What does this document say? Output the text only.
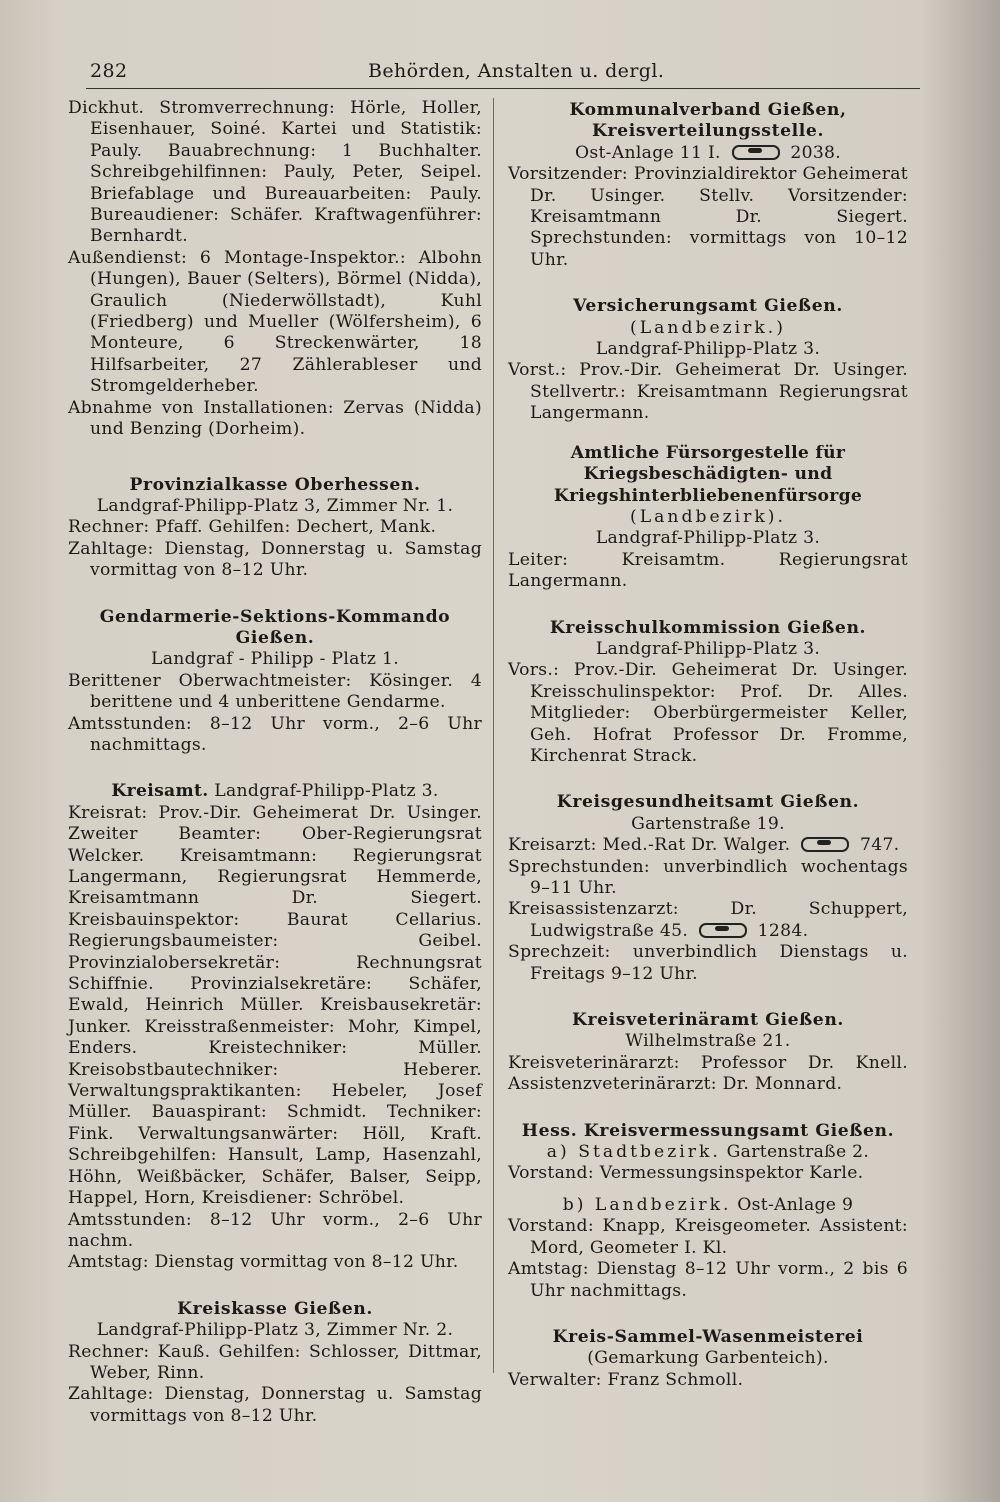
282	Behörden, Anstalten u. dergl.
Dickhut. Stromverrechnung: Hörle, Holler, Eisenhauer, Soiné. Kartei und Statistik: Pauly. Bauabrechnung: 1 Buchhalter. Schreibgehilfinnen: Pauly, Peter, Seipel. Briefablage und Bureauarbeiten: Pauly. Bureaudiener: Schäfer. Kraftwagenführer: Bernhardt.
Außendienst: 6 Montage-Inspektor.: Albohn (Hungen), Bauer (Selters), Börmel (Nidda), Graulich (Niederwöllstadt), Kuhl (Friedberg) und Mueller (Wölfersheim), 6 Monteure, 6 Streckenwärter, 18 Hilfsarbeiter, 27 Zählerableser und Stromgelderheber.
Abnahme von Installationen: Zervas (Nidda) und Benzing (Dorheim).
Provinzialkasse Oberhessen.
Landgraf-Philipp-Platz 3, Zimmer Nr. 1.
Rechner: Pfaff. Gehilfen: Dechert, Mank.
Zahltage: Dienstag, Donnerstag u. Samstag vormittag von 8–12 Uhr.
Gendarmerie-Sektions-Kommando Gießen.
Landgraf - Philipp - Platz 1.
Berittener Oberwachtmeister: Kösinger. 4 berittene und 4 unberittene Gendarme.
Amtsstunden: 8–12 Uhr vorm., 2–6 Uhr nachmittags.
Kreisamt. Landgraf-Philipp-Platz 3.
Kreisrat: Prov.-Dir. Geheimerat Dr. Usinger. Zweiter Beamter: Ober-Regierungsrat Welcker. Kreisamtmann: Regierungsrat Langermann, Regierungsrat Hemmerde, Kreisamtmann Dr. Siegert. Kreisbauinspektor: Baurat Cellarius. Regierungsbaumeister: Geibel. Provinzialobersekretär: Rechnungsrat Schiffnie. Provinzialsekretäre: Schäfer, Ewald, Heinrich Müller. Kreisbausekretär: Junker. Kreisstraßenmeister: Mohr, Kimpel, Enders. Kreistechniker: Müller. Kreisobstbautechniker: Heberer. Verwaltungspraktikanten: Hebeler, Josef Müller. Bauaspirant: Schmidt. Techniker: Fink. Verwaltungsanwärter: Höll, Kraft. Schreibgehilfen: Hansult, Lamp, Hasenzahl, Höhn, Weißbäcker, Schäfer, Balser, Seipp, Happel, Horn, Kreisdiener: Schröbel.
Amtsstunden: 8–12 Uhr vorm., 2–6 Uhr nachm.
Amtstag: Dienstag vormittag von 8–12 Uhr.
Kreiskasse Gießen.
Landgraf-Philipp-Platz 3, Zimmer Nr. 2.
Rechner: Kauß. Gehilfen: Schlosser, Dittmar, Weber, Rinn.
Zahltage: Dienstag, Donnerstag u. Samstag vormittags von 8–12 Uhr.
Kommunalverband Gießen, Kreisverteilungsstelle.
Ost-Anlage 11 I.	2038.
Vorsitzender: Provinzialdirektor Geheimerat Dr. Usinger. Stellv. Vorsitzender: Kreisamtmann Dr. Siegert. Sprechstunden: vormittags von 10–12 Uhr.
Versicherungsamt Gießen.
(Landbezirk.)
Landgraf-Philipp-Platz 3.
Vorst.: Prov.-Dir. Geheimerat Dr. Usinger. Stellvertr.: Kreisamtmann Regierungsrat Langermann.
Amtliche Fürsorgestelle für Kriegsbeschädigten- und Kriegshinterbliebenenfürsorge (Landbezirk).
Landgraf-Philipp-Platz 3.
Leiter: Kreisamtm. Regierungsrat Langermann.
Kreisschulkommission Gießen.
Landgraf-Philipp-Platz 3.
Vors.: Prov.-Dir. Geheimerat Dr. Usinger. Kreisschulinspektor: Prof. Dr. Alles. Mitglieder: Oberbürgermeister Keller, Geh. Hofrat Professor Dr. Fromme, Kirchenrat Strack.
Kreisgesundheitsamt Gießen.
Gartenstraße 19.
Kreisarzt: Med.-Rat Dr. Walger.	747.
Sprechstunden: unverbindlich wochentags 9–11 Uhr.
Kreisassistenzarzt: Dr. Schuppert, Ludwigstraße 45.	1284.
Sprechzeit: unverbindlich Dienstags u. Freitags 9–12 Uhr.
Kreisveterinäramt Gießen.
Wilhelmstraße 21.
Kreisveterinärarzt: Professor Dr. Knell. Assistenzveterinärarzt: Dr. Monnard.
Hess. Kreisvermessungsamt Gießen.
a) Stadtbezirk. Gartenstraße 2.
Vorstand: Vermessungsinspektor Karle.
b) Landbezirk. Ost-Anlage 9
Vorstand: Knapp, Kreisgeometer. Assistent: Mord, Geometer I. Kl.
Amtstag: Dienstag 8–12 Uhr vorm., 2 bis 6 Uhr nachmittags.
Kreis-Sammel-Wasenmeisterei
(Gemarkung Garbenteich).
Verwalter: Franz Schmoll.
